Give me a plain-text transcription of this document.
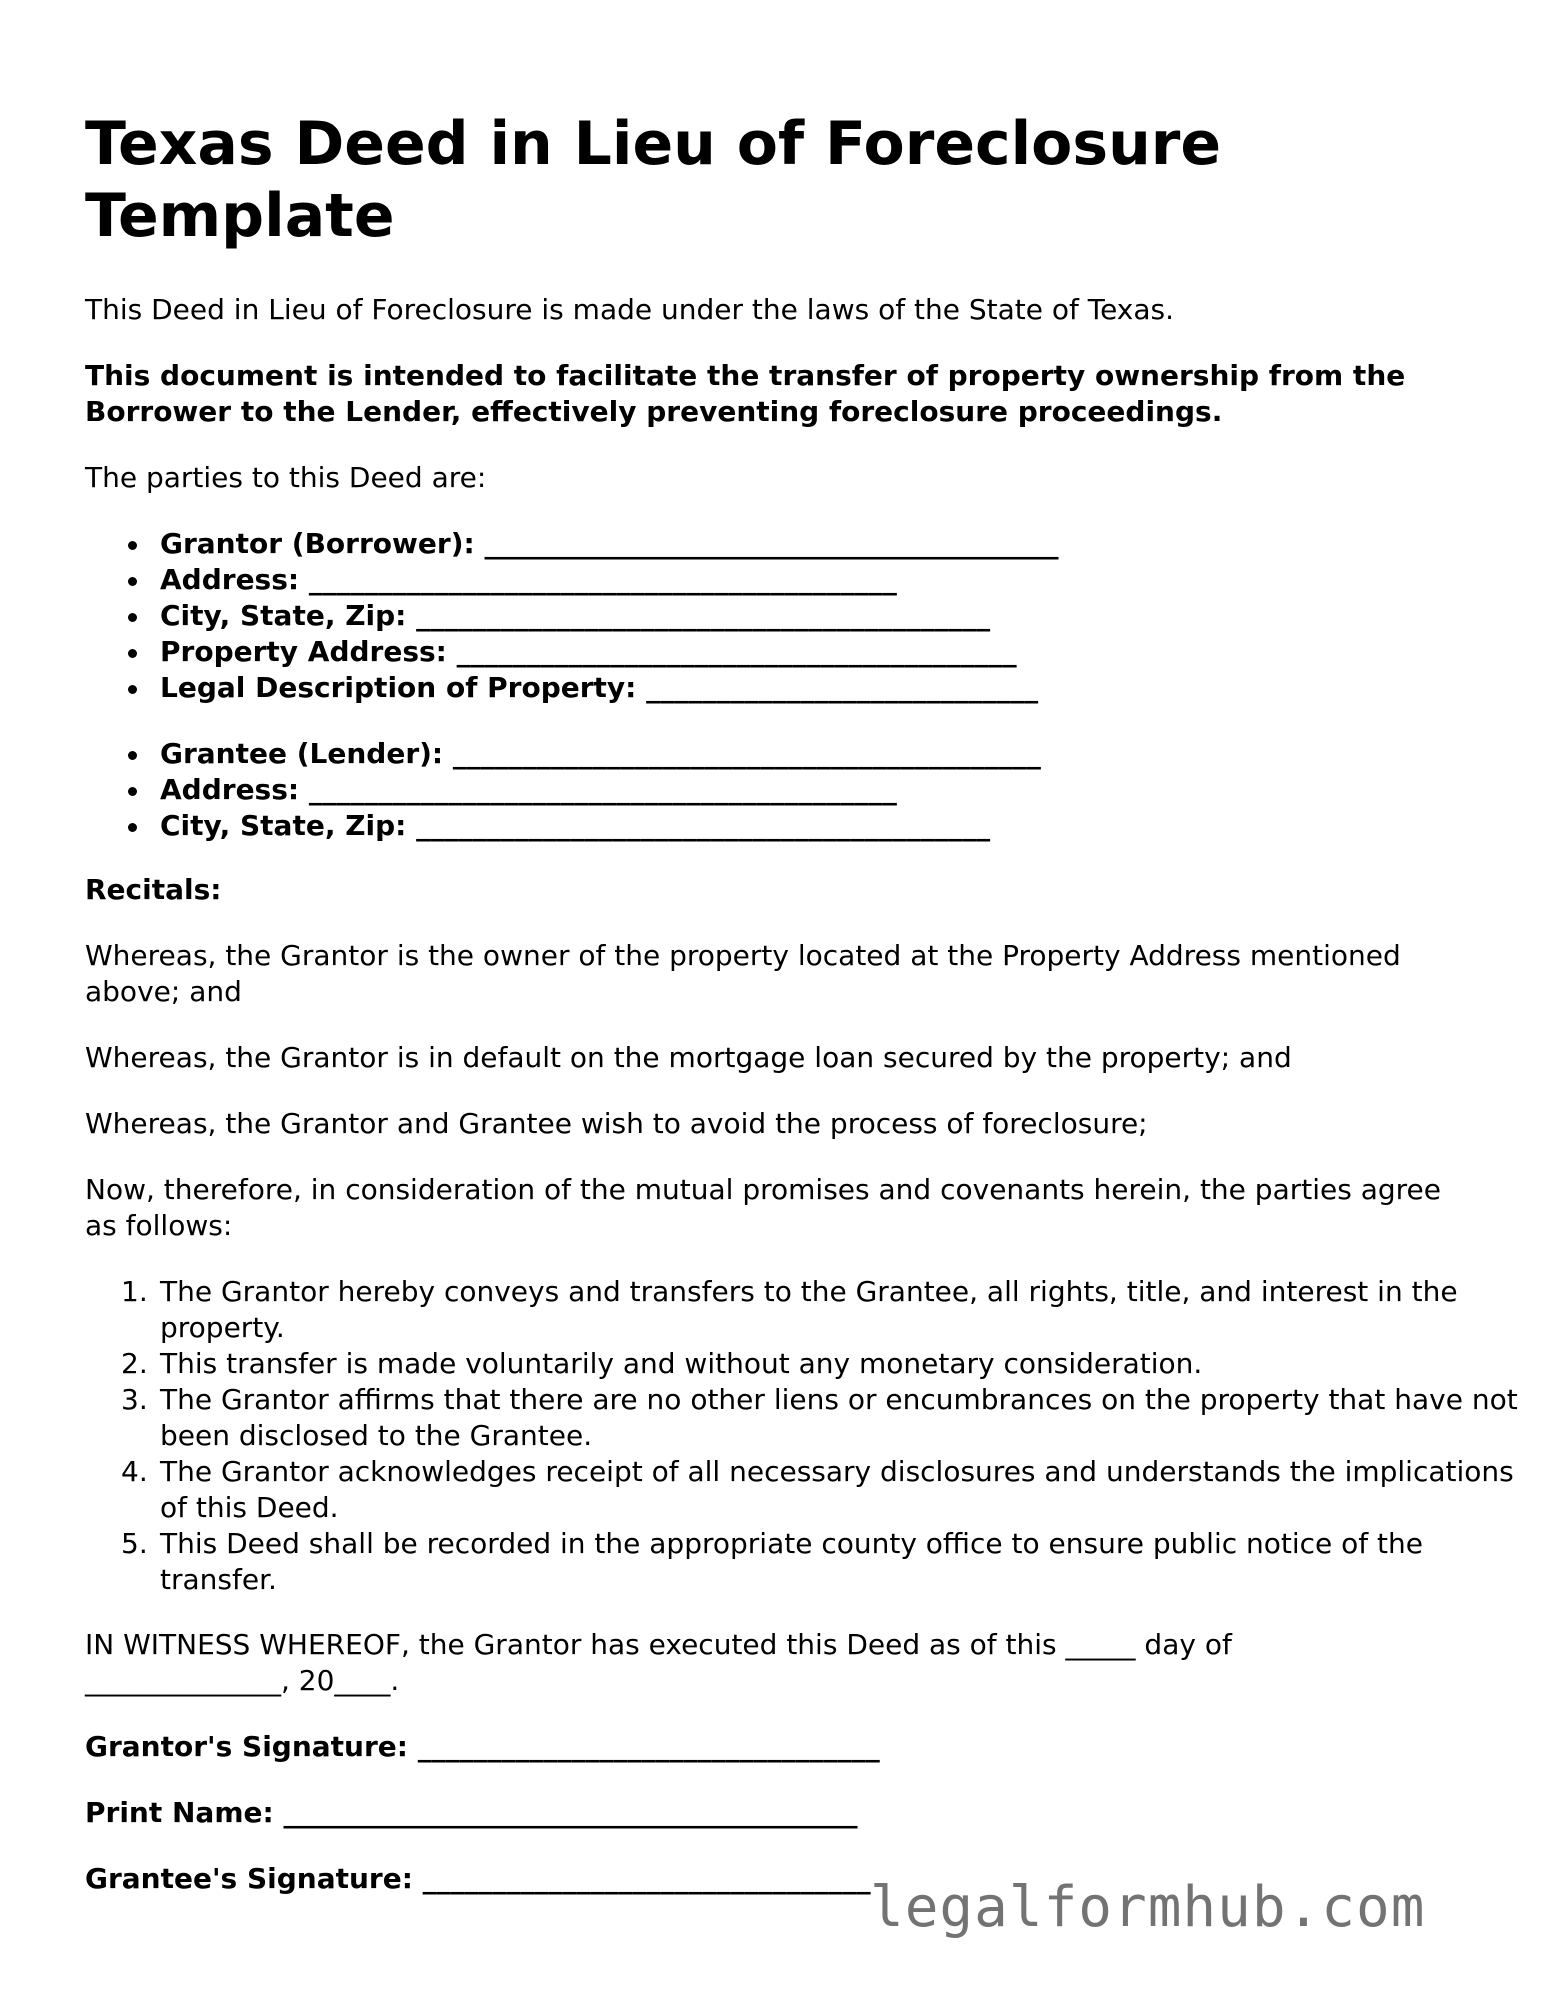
Texas Deed in Lieu of Foreclosure Template

This Deed in Lieu of Foreclosure is made under the laws of the State of Texas.

This document is intended to facilitate the transfer of property ownership from the Borrower to the Lender, effectively preventing foreclosure proceedings.

The parties to this Deed are:

Grantor (Borrower): _________________________________________
Address: __________________________________________
City, State, Zip: _________________________________________
Property Address: ________________________________________
Legal Description of Property: ____________________________
Grantee (Lender): __________________________________________
Address: __________________________________________
City, State, Zip: _________________________________________

Recitals:

Whereas, the Grantor is the owner of the property located at the Property Address mentioned above; and

Whereas, the Grantor is in default on the mortgage loan secured by the property; and

Whereas, the Grantor and Grantee wish to avoid the process of foreclosure;

Now, therefore, in consideration of the mutual promises and covenants herein, the parties agree as follows:

1. The Grantor hereby conveys and transfers to the Grantee, all rights, title, and interest in the property.
2. This transfer is made voluntarily and without any monetary consideration.
3. The Grantor affirms that there are no other liens or encumbrances on the property that have not been disclosed to the Grantee.
4. The Grantor acknowledges receipt of all necessary disclosures and understands the implications of this Deed.
5. This Deed shall be recorded in the appropriate county office to ensure public notice of the transfer.

IN WITNESS WHEREOF, the Grantor has executed this Deed as of this _____ day of ______________, 20____.

Grantor's Signature: _________________________________

Print Name: _________________________________________

Grantee's Signature: ________________________________ legalformhub.com
